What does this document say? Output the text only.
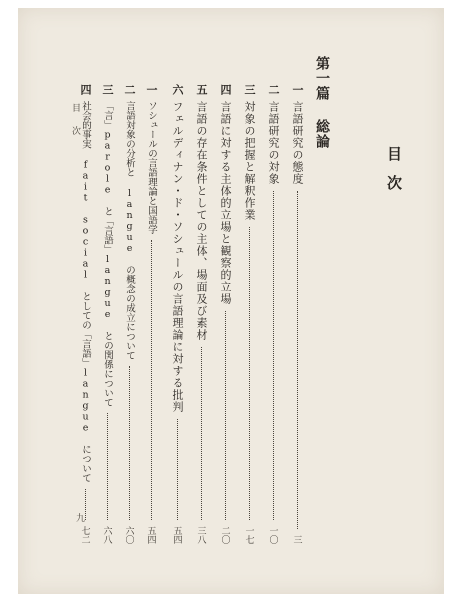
目次
第一篇総論
一
言語研究の態度
三
二
言語研究の対象
一〇
三
対象の把握と解釈作業
一七
四
言語に対する主体的立場と観察的立場
二〇
五
言語の存在条件としての主体、場面及び素材
三八
六
フェルディナン・ド・ソシュールの言語理論に対する批判
五四
一
ソシュールの言語理論と国語学
五四
二
言語対象の分析と langue の概念の成立について
六〇
三
「言」parole と「言語」langue との関係について
六八
四
社会的事実 fait social としての「言語」langue について
七二
目次
九
